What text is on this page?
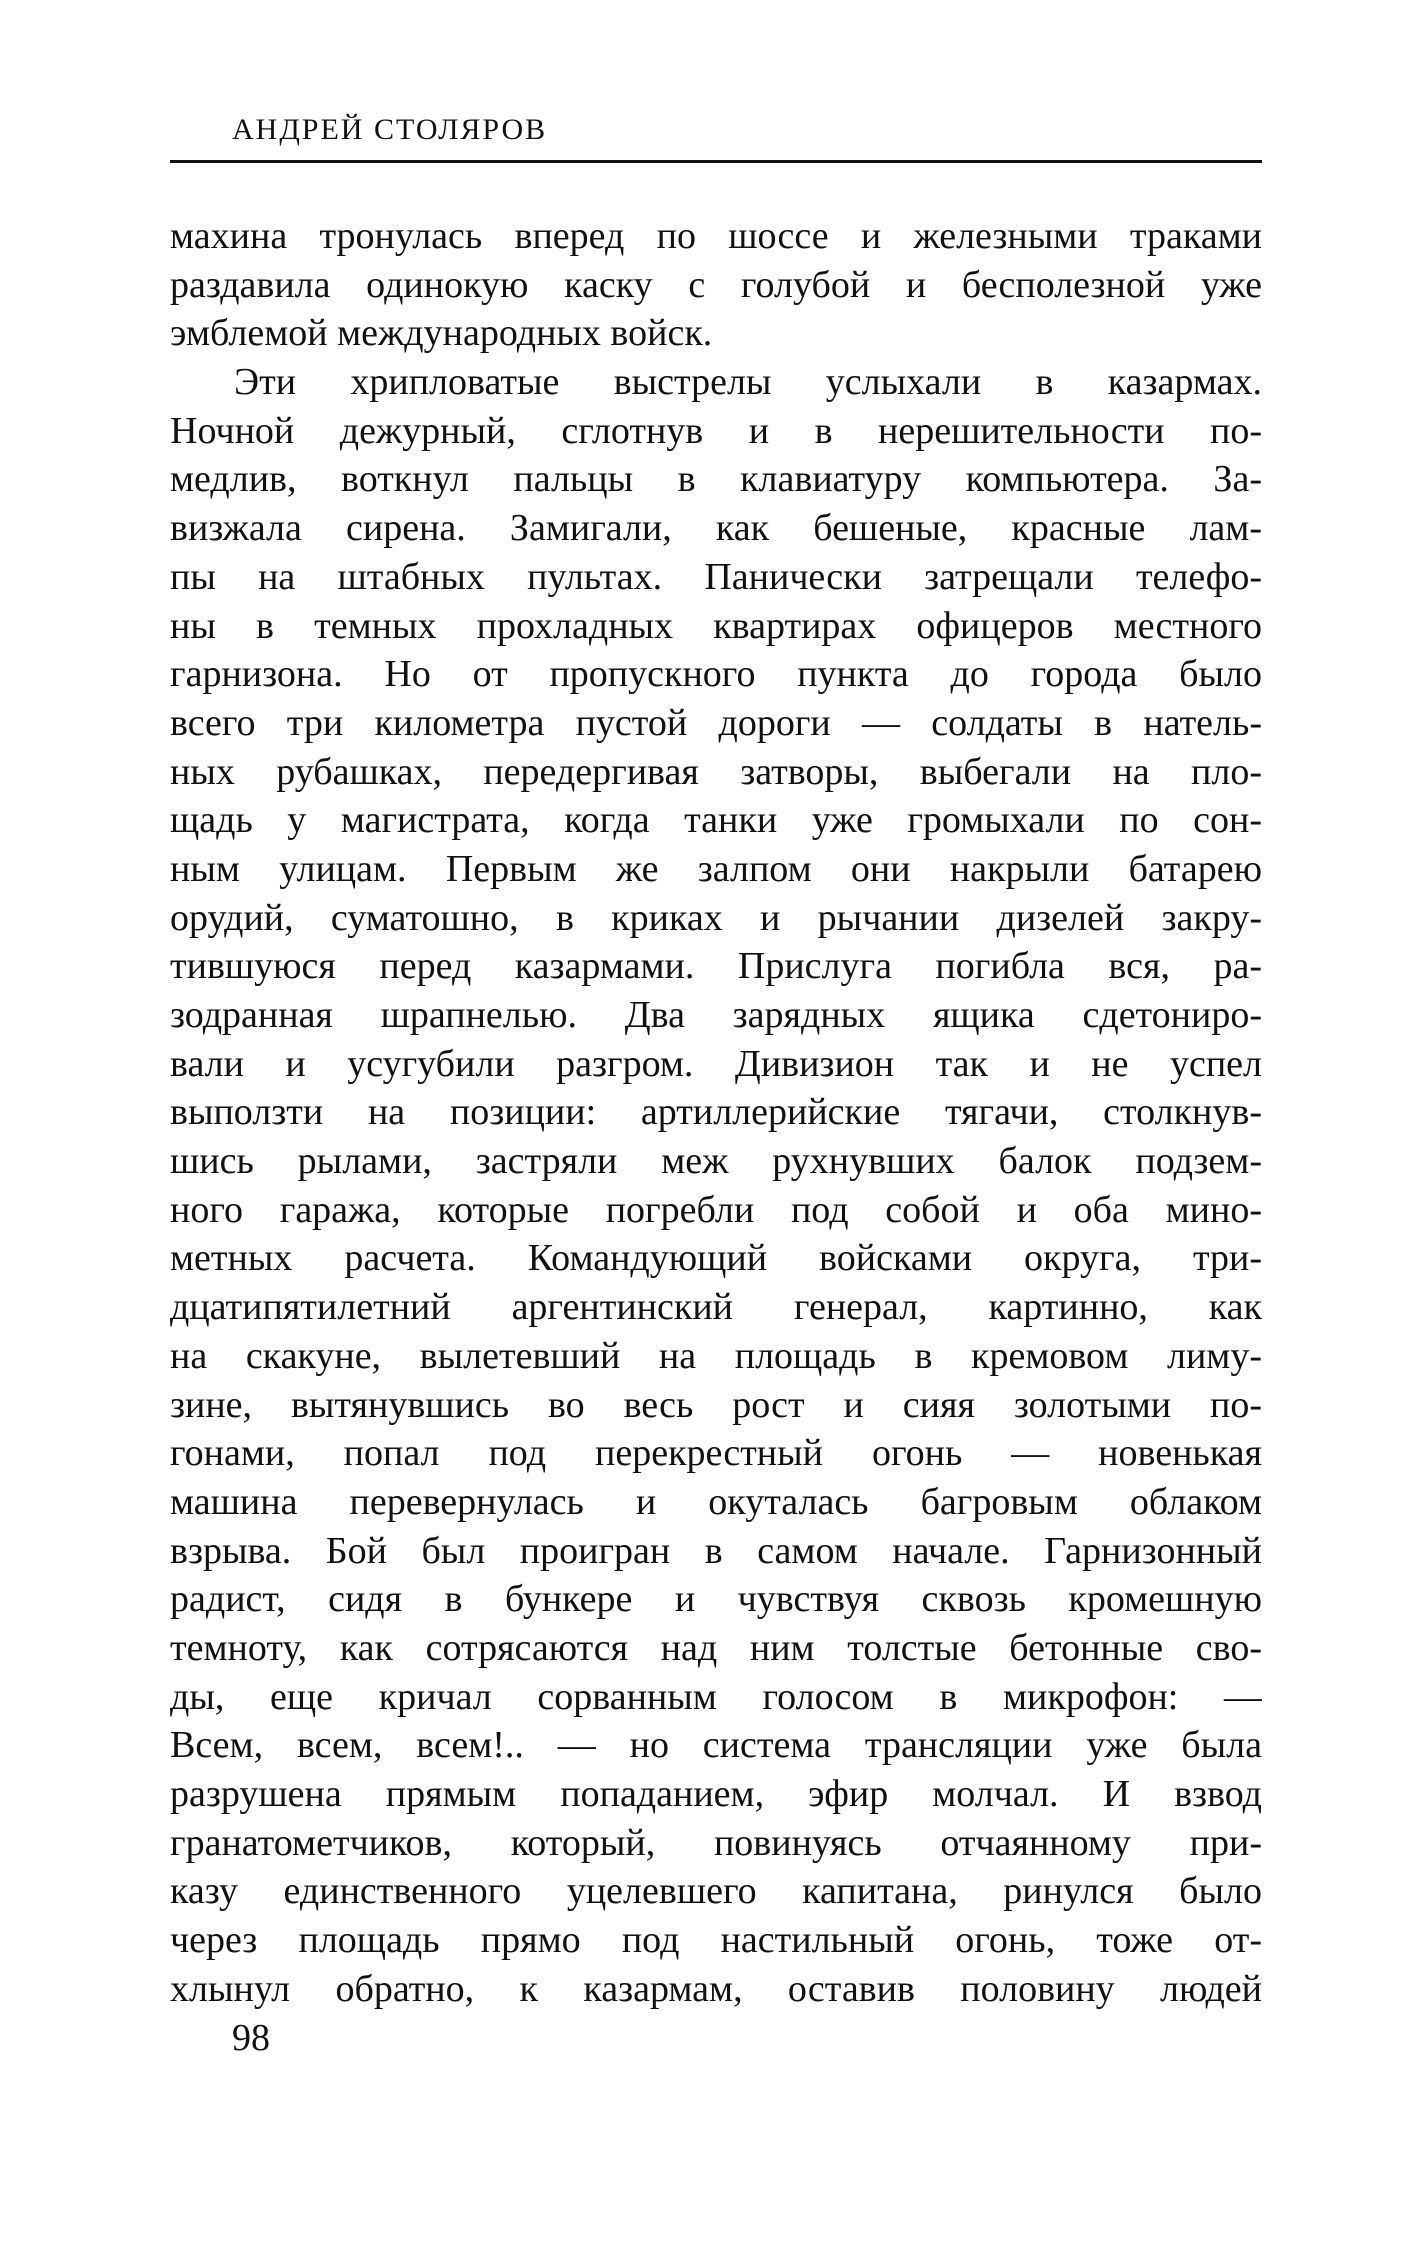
АНДРЕЙ СТОЛЯРОВ
махина тронулась вперед по шоссе и железными траками
раздавила одинокую каску с голубой и бесполезной уже
эмблемой международных войск.
Эти хрипловатые выстрелы услыхали в казармах.
Ночной дежурный, сглотнув и в нерешительности по-
медлив, воткнул пальцы в клавиатуру компьютера. За-
визжала сирена. Замигали, как бешеные, красные лам-
пы на штабных пультах. Панически затрещали телефо-
ны в темных прохладных квартирах офицеров местного
гарнизона. Но от пропускного пункта до города было
всего три километра пустой дороги — солдаты в натель-
ных рубашках, передергивая затворы, выбегали на пло-
щадь у магистрата, когда танки уже громыхали по сон-
ным улицам. Первым же залпом они накрыли батарею
орудий, суматошно, в криках и рычании дизелей закру-
тившуюся перед казармами. Прислуга погибла вся, ра-
зодранная шрапнелью. Два зарядных ящика сдетониро-
вали и усугубили разгром. Дивизион так и не успел
выползти на позиции: артиллерийские тягачи, столкнув-
шись рылами, застряли меж рухнувших балок подзем-
ного гаража, которые погребли под собой и оба мино-
метных расчета. Командующий войсками округа, три-
дцатипятилетний аргентинский генерал, картинно, как
на скакуне, вылетевший на площадь в кремовом лиму-
зине, вытянувшись во весь рост и сияя золотыми по-
гонами, попал под перекрестный огонь — новенькая
машина перевернулась и окуталась багровым облаком
взрыва. Бой был проигран в самом начале. Гарнизонный
радист, сидя в бункере и чувствуя сквозь кромешную
темноту, как сотрясаются над ним толстые бетонные сво-
ды, еще кричал сорванным голосом в микрофон: —
Всем, всем, всем!.. — но система трансляции уже была
разрушена прямым попаданием, эфир молчал. И взвод
гранатометчиков, который, повинуясь отчаянному при-
казу единственного уцелевшего капитана, ринулся было
через площадь прямо под настильный огонь, тоже от-
хлынул обратно, к казармам, оставив половину людей
98
